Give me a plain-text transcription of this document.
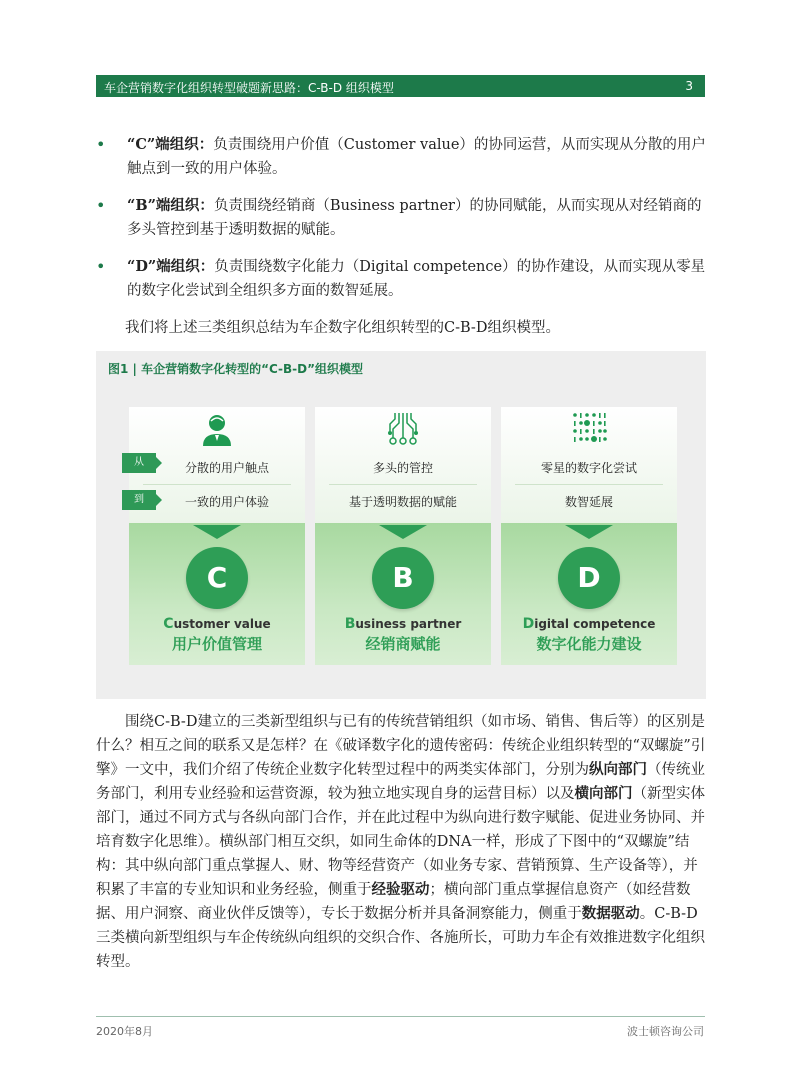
车企营销数字化组织转型破题新思路：C-B-D 组织模型	3
• “C”端组织：负责围绕用户价值（Customer value）的协同运营，从而实现从分散的用户触点到一致的用户体验。
• “B”端组织：负责围绕经销商（Business partner）的协同赋能，从而实现从对经销商的多头管控到基于透明数据的赋能。
• “D”端组织：负责围绕数字化能力（Digital competence）的协作建设，从而实现从零星的数字化尝试到全组织多方面的数智延展。
我们将上述三类组织总结为车企数字化组织转型的C-B-D组织模型。
图1 | 车企营销数字化转型的“C-B-D”组织模型
分散的用户触点
一致的用户体验
从
到
C
Customer value
用户价值管理
多头的管控
基于透明数据的赋能
B
Business partner
经销商赋能
零星的数字化尝试
数智延展
D
Digital competence
数字化能力建设
围绕C-B-D建立的三类新型组织与已有的传统营销组织（如市场、销售、售后等）的区别是什么？相互之间的联系又是怎样？在《破译数字化的遗传密码：传统企业组织转型的“双螺旋”引擎》一文中，我们介绍了传统企业数字化转型过程中的两类实体部门，分别为纵向部门（传统业务部门，利用专业经验和运营资源，较为独立地实现自身的运营目标）以及横向部门（新型实体部门，通过不同方式与各纵向部门合作，并在此过程中为纵向进行数字赋能、促进业务协同、并培育数字化思维）。横纵部门相互交织，如同生命体的DNA一样，形成了下图中的“双螺旋”结构：其中纵向部门重点掌握人、财、物等经营资产（如业务专家、营销预算、生产设备等），并积累了丰富的专业知识和业务经验，侧重于经验驱动；横向部门重点掌握信息资产（如经营数据、用户洞察、商业伙伴反馈等），专长于数据分析并具备洞察能力，侧重于数据驱动。C-B-D三类横向新型组织与车企传统纵向组织的交织合作、各施所长，可助力车企有效推进数字化组织转型。
2020年8月	波士顿咨询公司
